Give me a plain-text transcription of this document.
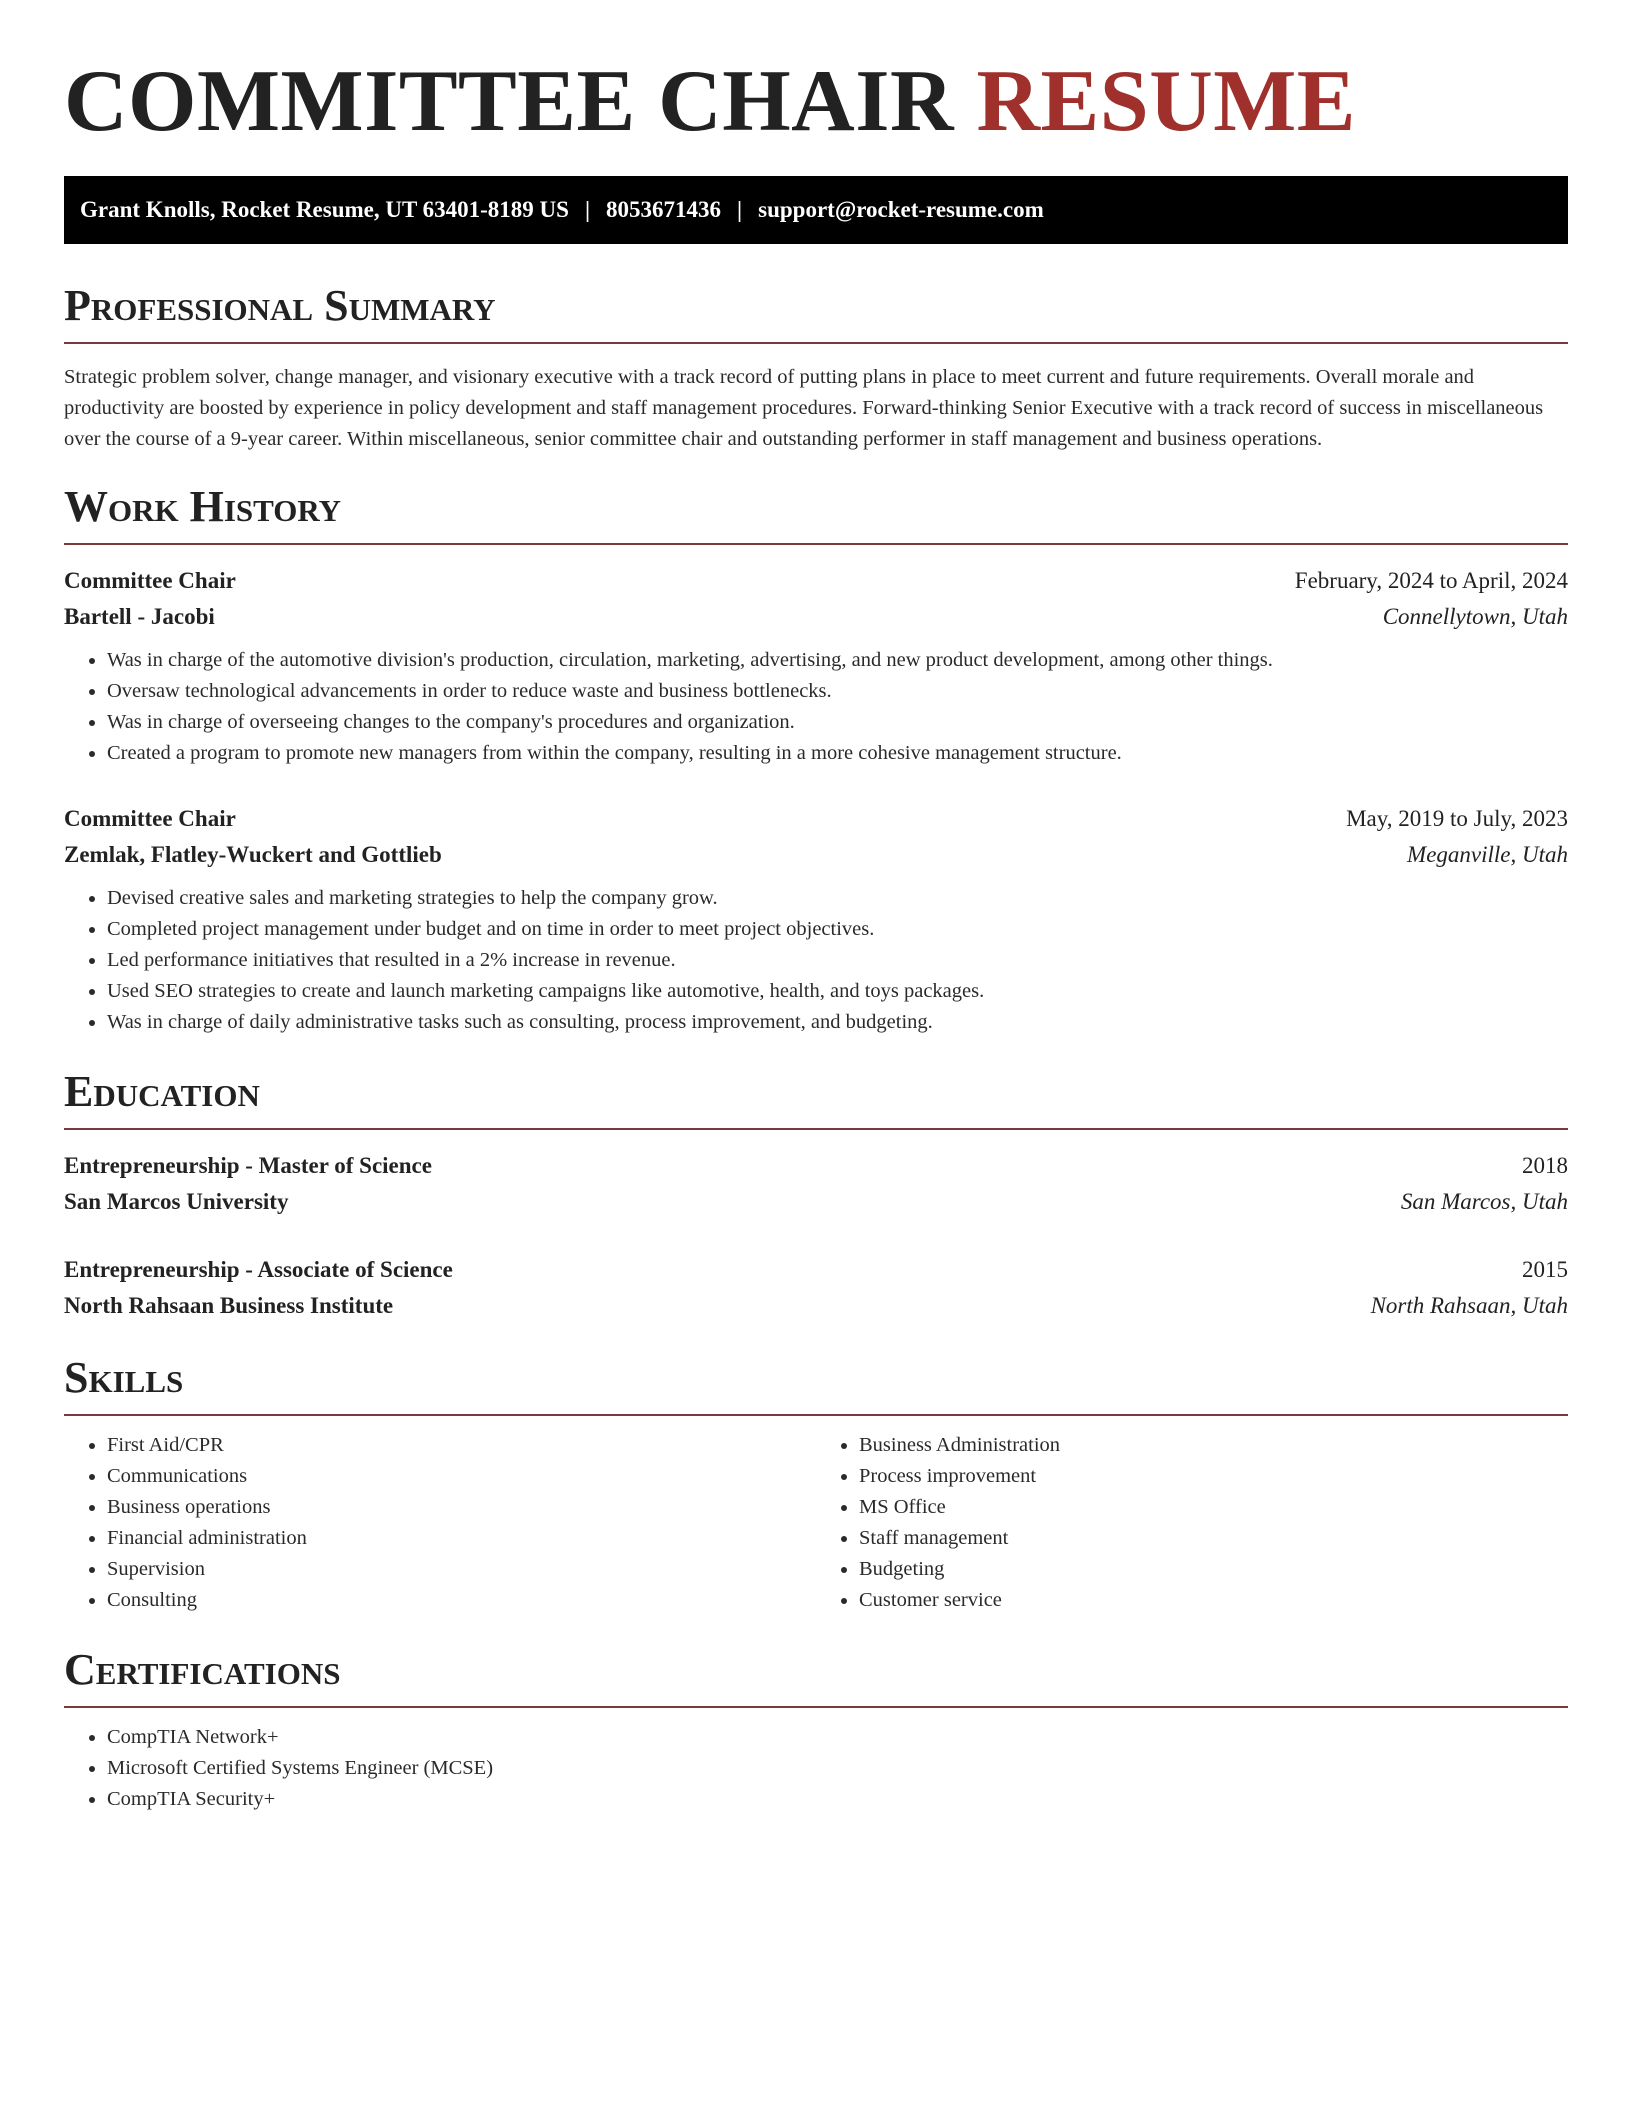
COMMITTEE CHAIR RESUME
Grant Knolls, Rocket Resume, UT 63401-8189 US | 8053671436 | support@rocket-resume.com
Professional Summary

Strategic problem solver, change manager, and visionary executive with a track record of putting plans in place to meet current and future requirements. Overall morale and productivity are boosted by experience in policy development and staff management procedures. Forward-thinking Senior Executive with a track record of success in miscellaneous over the course of a 9-year career. Within miscellaneous, senior committee chair and outstanding performer in staff management and business operations.

Work History
Committee Chair	February, 2024 to April, 2024
Bartell - Jacobi	Connellytown, Utah
• Was in charge of the automotive division's production, circulation, marketing, advertising, and new product development, among other things.
• Oversaw technological advancements in order to reduce waste and business bottlenecks.
• Was in charge of overseeing changes to the company's procedures and organization.
• Created a program to promote new managers from within the company, resulting in a more cohesive management structure.
Committee Chair	May, 2019 to July, 2023
Zemlak, Flatley-Wuckert and Gottlieb	Meganville, Utah
• Devised creative sales and marketing strategies to help the company grow.
• Completed project management under budget and on time in order to meet project objectives.
• Led performance initiatives that resulted in a 2% increase in revenue.
• Used SEO strategies to create and launch marketing campaigns like automotive, health, and toys packages.
• Was in charge of daily administrative tasks such as consulting, process improvement, and budgeting.
Education
Entrepreneurship - Master of Science	2018
San Marcos University	San Marcos, Utah
Entrepreneurship - Associate of Science	2015
North Rahsaan Business Institute	North Rahsaan, Utah
Skills
• First Aid/CPR
• Communications
• Business operations
• Financial administration
• Supervision
• Consulting
• Business Administration
• Process improvement
• MS Office
• Staff management
• Budgeting
• Customer service
Certifications
• CompTIA Network+
• Microsoft Certified Systems Engineer (MCSE)
• CompTIA Security+
